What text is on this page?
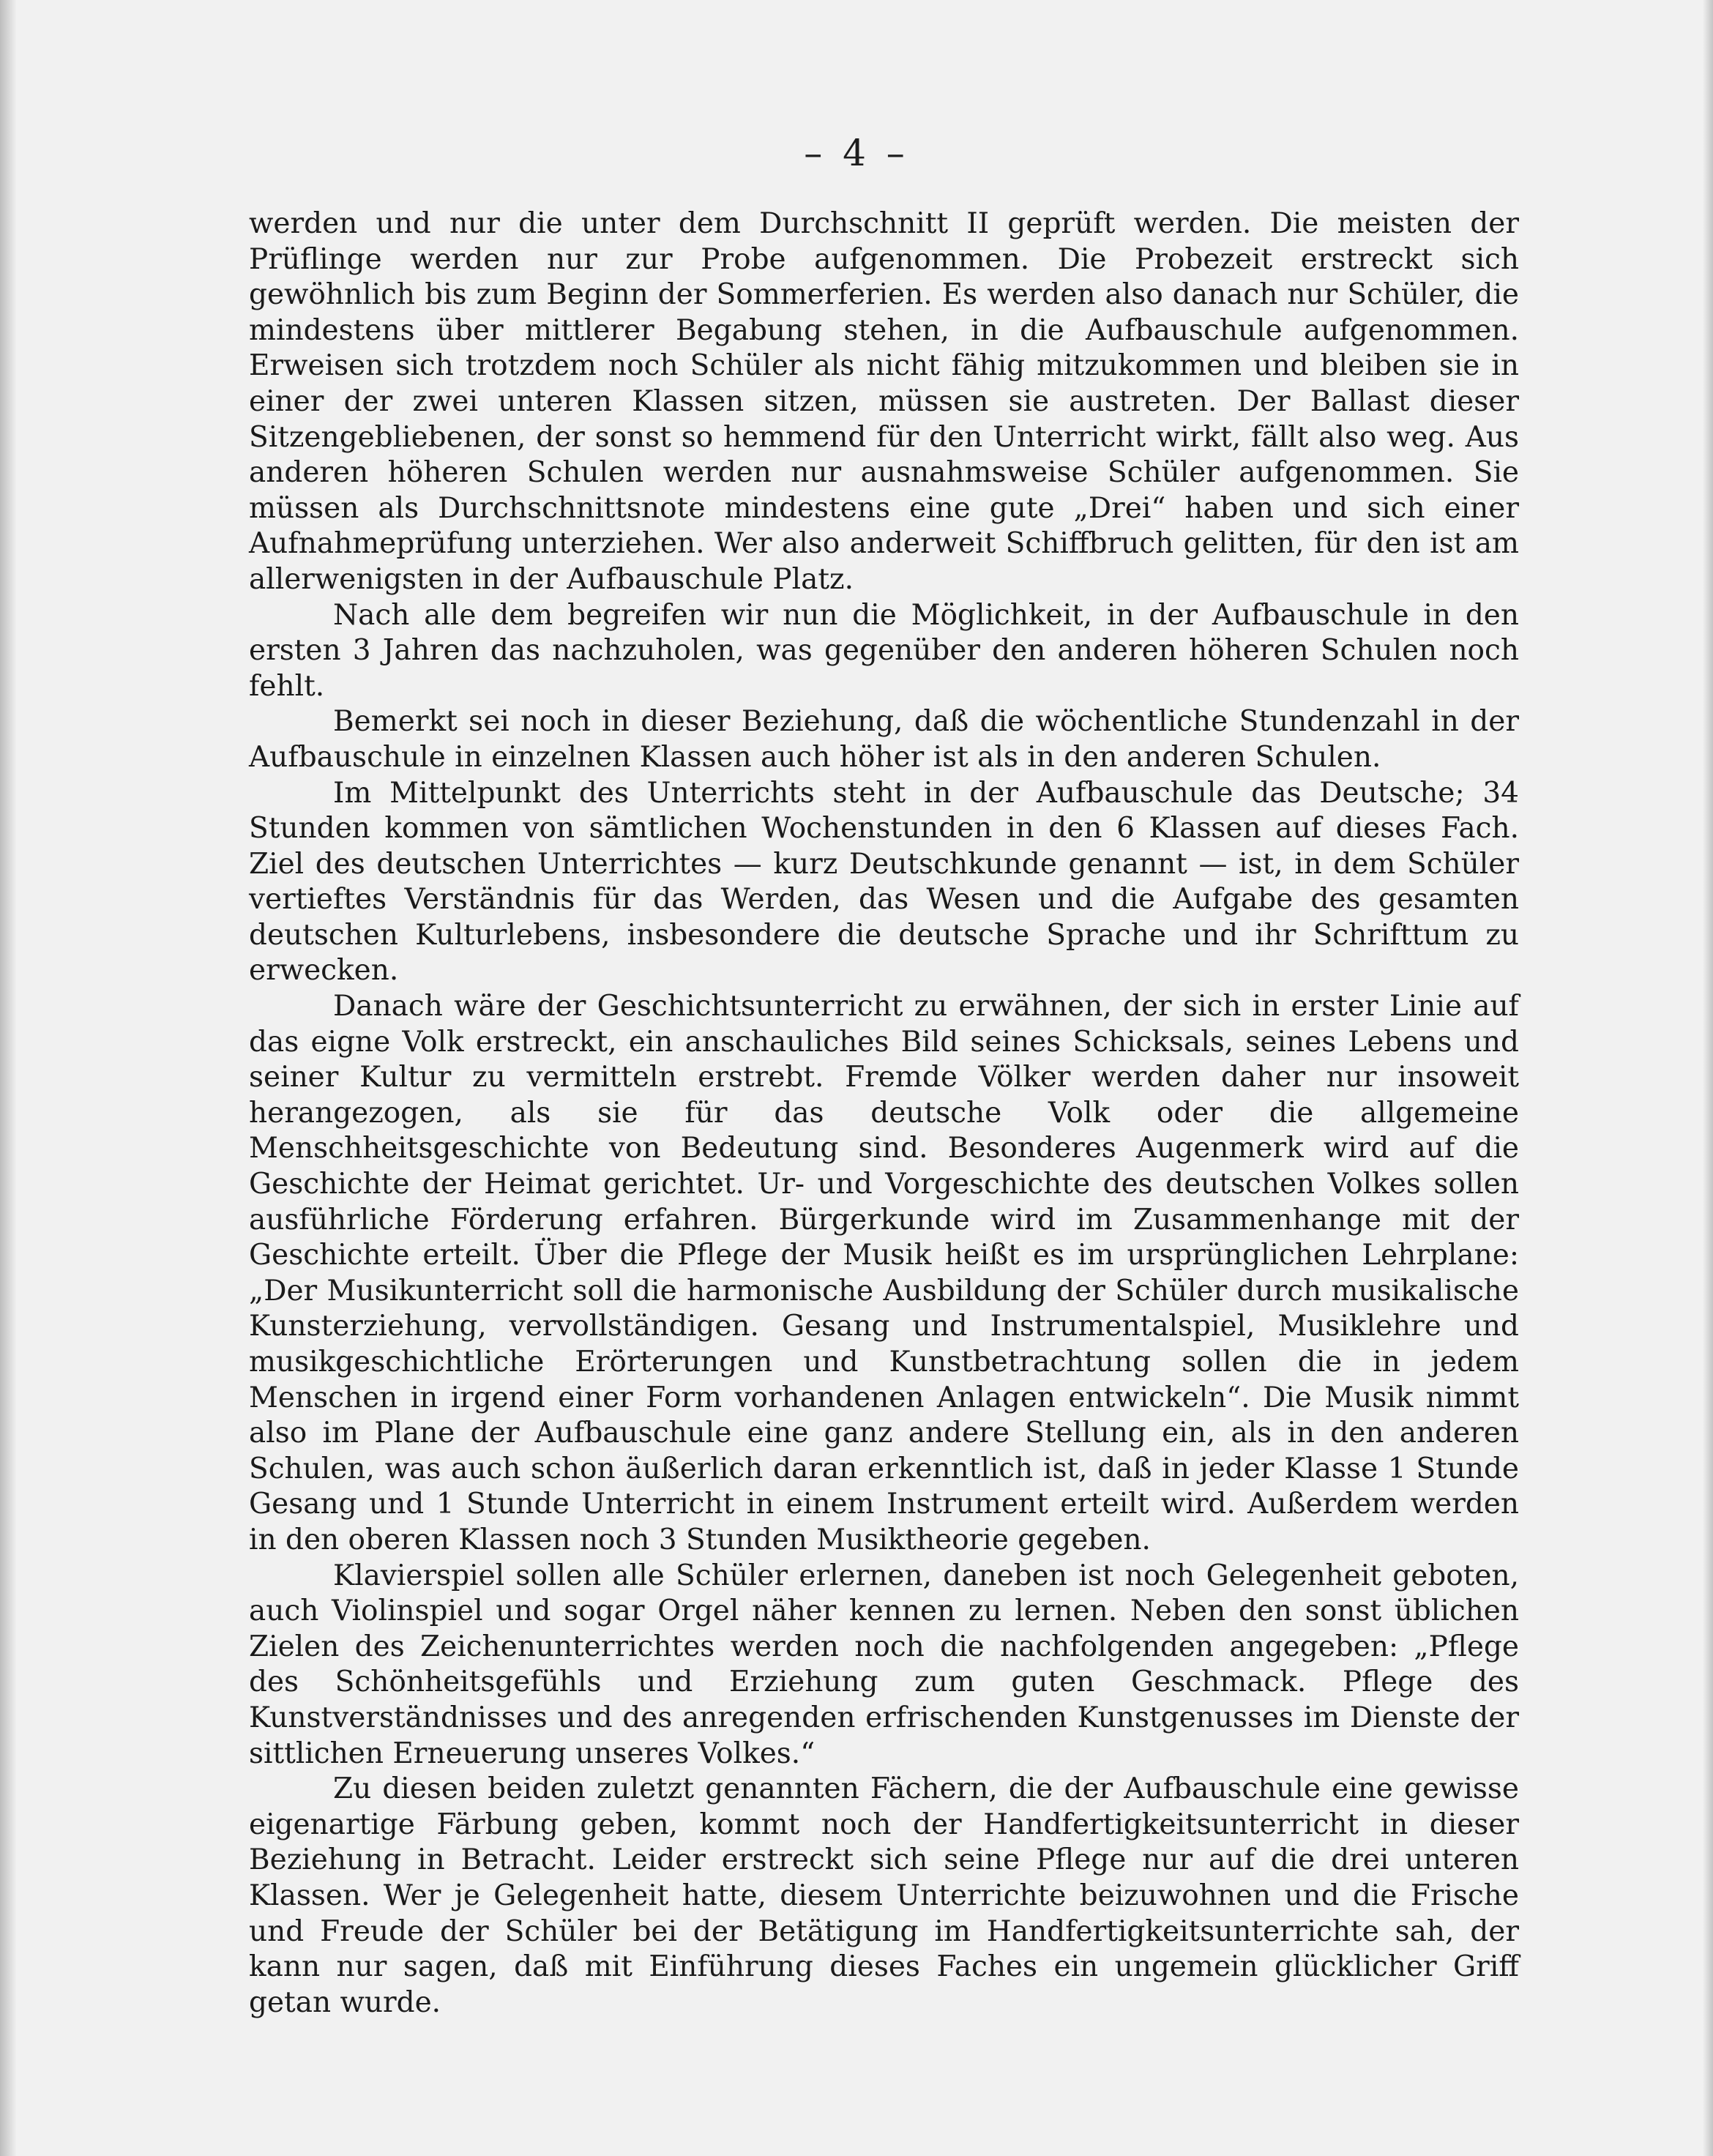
– 4 –

werden und nur die unter dem Durchschnitt II geprüft werden. Die meisten der Prüflinge werden nur zur Probe aufgenommen. Die Probezeit erstreckt sich gewöhnlich bis zum Beginn der Sommerferien. Es werden also danach nur Schüler, die mindestens über mittlerer Begabung stehen, in die Aufbauschule aufgenommen. Erweisen sich trotzdem noch Schüler als nicht fähig mitzukommen und bleiben sie in einer der zwei unteren Klassen sitzen, müssen sie austreten. Der Ballast dieser Sitzengebliebenen, der sonst so hemmend für den Unterricht wirkt, fällt also weg. Aus anderen höheren Schulen werden nur ausnahmsweise Schüler aufgenommen. Sie müssen als Durchschnittsnote mindestens eine gute „Drei“ haben und sich einer Aufnahmeprüfung unterziehen. Wer also anderweit Schiffbruch gelitten, für den ist am allerwenigsten in der Aufbauschule Platz.

Nach alle dem begreifen wir nun die Möglichkeit, in der Aufbauschule in den ersten 3 Jahren das nachzuholen, was gegenüber den anderen höheren Schulen noch fehlt.

Bemerkt sei noch in dieser Beziehung, daß die wöchentliche Stundenzahl in der Aufbauschule in einzelnen Klassen auch höher ist als in den anderen Schulen.

Im Mittelpunkt des Unterrichts steht in der Aufbauschule das Deutsche; 34 Stunden kommen von sämtlichen Wochenstunden in den 6 Klassen auf dieses Fach. Ziel des deutschen Unterrichtes — kurz Deutschkunde genannt — ist, in dem Schüler vertieftes Verständnis für das Werden, das Wesen und die Aufgabe des gesamten deutschen Kulturlebens, insbesondere die deutsche Sprache und ihr Schrifttum zu erwecken.

Danach wäre der Geschichtsunterricht zu erwähnen, der sich in erster Linie auf das eigne Volk erstreckt, ein anschauliches Bild seines Schicksals, seines Lebens und seiner Kultur zu vermitteln erstrebt. Fremde Völker werden daher nur insoweit herangezogen, als sie für das deutsche Volk oder die allgemeine Menschheitsgeschichte von Bedeutung sind. Besonderes Augenmerk wird auf die Geschichte der Heimat gerichtet. Ur- und Vorgeschichte des deutschen Volkes sollen ausführliche Förderung erfahren. Bürgerkunde wird im Zusammenhange mit der Geschichte erteilt. Über die Pflege der Musik heißt es im ursprünglichen Lehrplane: „Der Musikunterricht soll die harmonische Ausbildung der Schüler durch musikalische Kunsterziehung, vervollständigen. Gesang und Instrumentalspiel, Musiklehre und musikgeschichtliche Erörterungen und Kunstbetrachtung sollen die in jedem Menschen in irgend einer Form vorhandenen Anlagen entwickeln“. Die Musik nimmt also im Plane der Aufbauschule eine ganz andere Stellung ein, als in den anderen Schulen, was auch schon äußerlich daran erkenntlich ist, daß in jeder Klasse 1 Stunde Gesang und 1 Stunde Unterricht in einem Instrument erteilt wird. Außerdem werden in den oberen Klassen noch 3 Stunden Musiktheorie gegeben.

Klavierspiel sollen alle Schüler erlernen, daneben ist noch Gelegenheit geboten, auch Violinspiel und sogar Orgel näher kennen zu lernen. Neben den sonst üblichen Zielen des Zeichenunterrichtes werden noch die nachfolgenden angegeben: „Pflege des Schönheitsgefühls und Erziehung zum guten Geschmack. Pflege des Kunstverständnisses und des anregenden erfrischenden Kunstgenusses im Dienste der sittlichen Erneuerung unseres Volkes.“

Zu diesen beiden zuletzt genannten Fächern, die der Aufbauschule eine gewisse eigenartige Färbung geben, kommt noch der Handfertigkeitsunterricht in dieser Beziehung in Betracht. Leider erstreckt sich seine Pflege nur auf die drei unteren Klassen. Wer je Gelegenheit hatte, diesem Unterrichte beizuwohnen und die Frische und Freude der Schüler bei der Betätigung im Handfertigkeitsunterrichte sah, der kann nur sagen, daß mit Einführung dieses Faches ein ungemein glücklicher Griff getan wurde.
